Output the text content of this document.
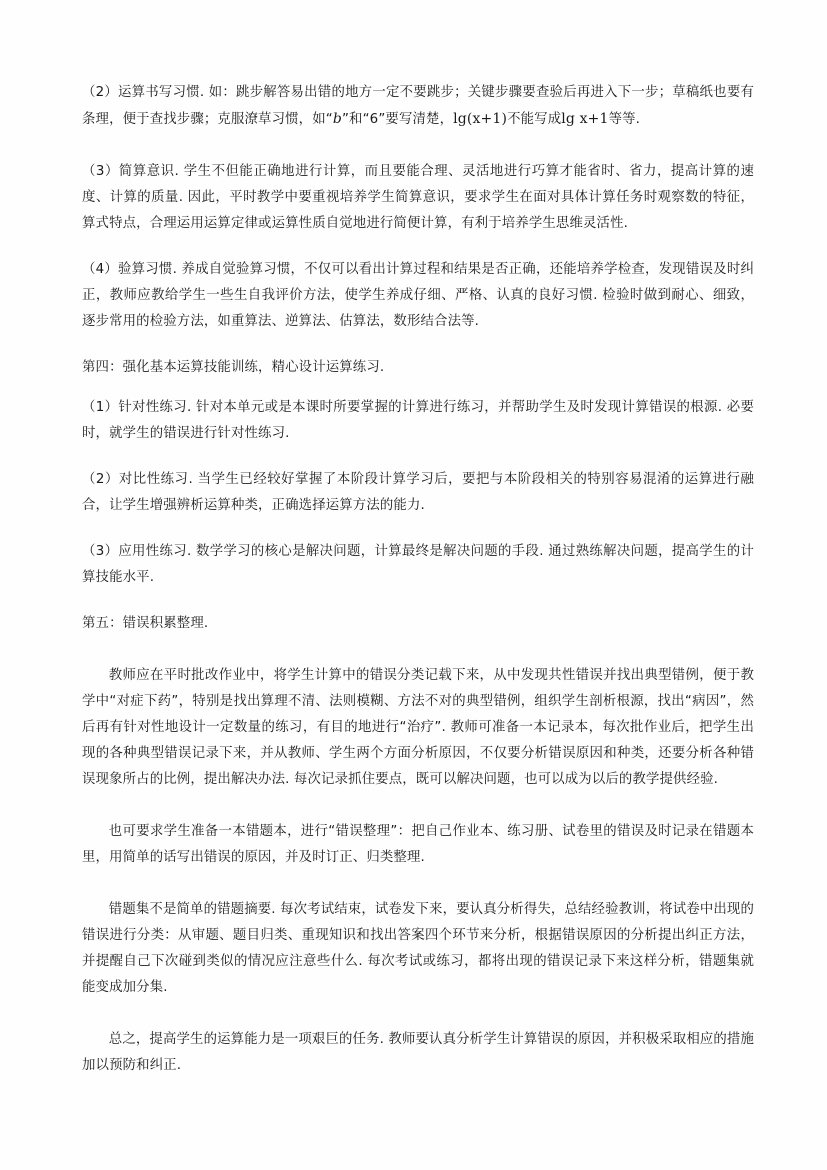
（2）运算书写习惯. 如：跳步解答易出错的地方一定不要跳步；关键步骤要查验后再进入下一步；草稿纸也要有条理，便于查找步骤；克服潦草习惯，如“b”和“6”要写清楚，lg(x+1)不能写成lg x+1等等.

（3）简算意识. 学生不但能正确地进行计算，而且要能合理、灵活地进行巧算才能省时、省力，提高计算的速度、计算的质量. 因此，平时教学中要重视培养学生简算意识，要求学生在面对具体计算任务时观察数的特征，算式特点，合理运用运算定律或运算性质自觉地进行简便计算，有利于培养学生思维灵活性.

（4）验算习惯. 养成自觉验算习惯，不仅可以看出计算过程和结果是否正确，还能培养学检查，发现错误及时纠正，教师应教给学生一些生自我评价方法，使学生养成仔细、严格、认真的良好习惯. 检验时做到耐心、细致，逐步常用的检验方法，如重算法、逆算法、估算法，数形结合法等.

第四：强化基本运算技能训练，精心设计运算练习.

（1）针对性练习. 针对本单元或是本课时所要掌握的计算进行练习，并帮助学生及时发现计算错误的根源. 必要时，就学生的错误进行针对性练习.

（2）对比性练习. 当学生已经较好掌握了本阶段计算学习后，要把与本阶段相关的特别容易混淆的运算进行融合，让学生增强辨析运算种类，正确选择运算方法的能力.

（3）应用性练习. 数学学习的核心是解决问题，计算最终是解决问题的手段. 通过熟练解决问题，提高学生的计算技能水平.

第五：错误积累整理.

教师应在平时批改作业中，将学生计算中的错误分类记载下来，从中发现共性错误并找出典型错例，便于教学中“对症下药”，特别是找出算理不清、法则模糊、方法不对的典型错例，组织学生剖析根源，找出“病因”，然后再有针对性地设计一定数量的练习，有目的地进行“治疗”. 教师可准备一本记录本，每次批作业后，把学生出现的各种典型错误记录下来，并从教师、学生两个方面分析原因，不仅要分析错误原因和种类，还要分析各种错误现象所占的比例，提出解决办法. 每次记录抓住要点，既可以解决问题，也可以成为以后的教学提供经验.

也可要求学生准备一本错题本，进行“错误整理”：把自己作业本、练习册、试卷里的错误及时记录在错题本里，用简单的话写出错误的原因，并及时订正、归类整理.

错题集不是简单的错题摘要. 每次考试结束，试卷发下来，要认真分析得失，总结经验教训，将试卷中出现的错误进行分类：从审题、题目归类、重现知识和找出答案四个环节来分析，根据错误原因的分析提出纠正方法，并提醒自己下次碰到类似的情况应注意些什么. 每次考试或练习，都将出现的错误记录下来这样分析，错题集就能变成加分集.

总之，提高学生的运算能力是一项艰巨的任务. 教师要认真分析学生计算错误的原因，并积极采取相应的措施加以预防和纠正.
